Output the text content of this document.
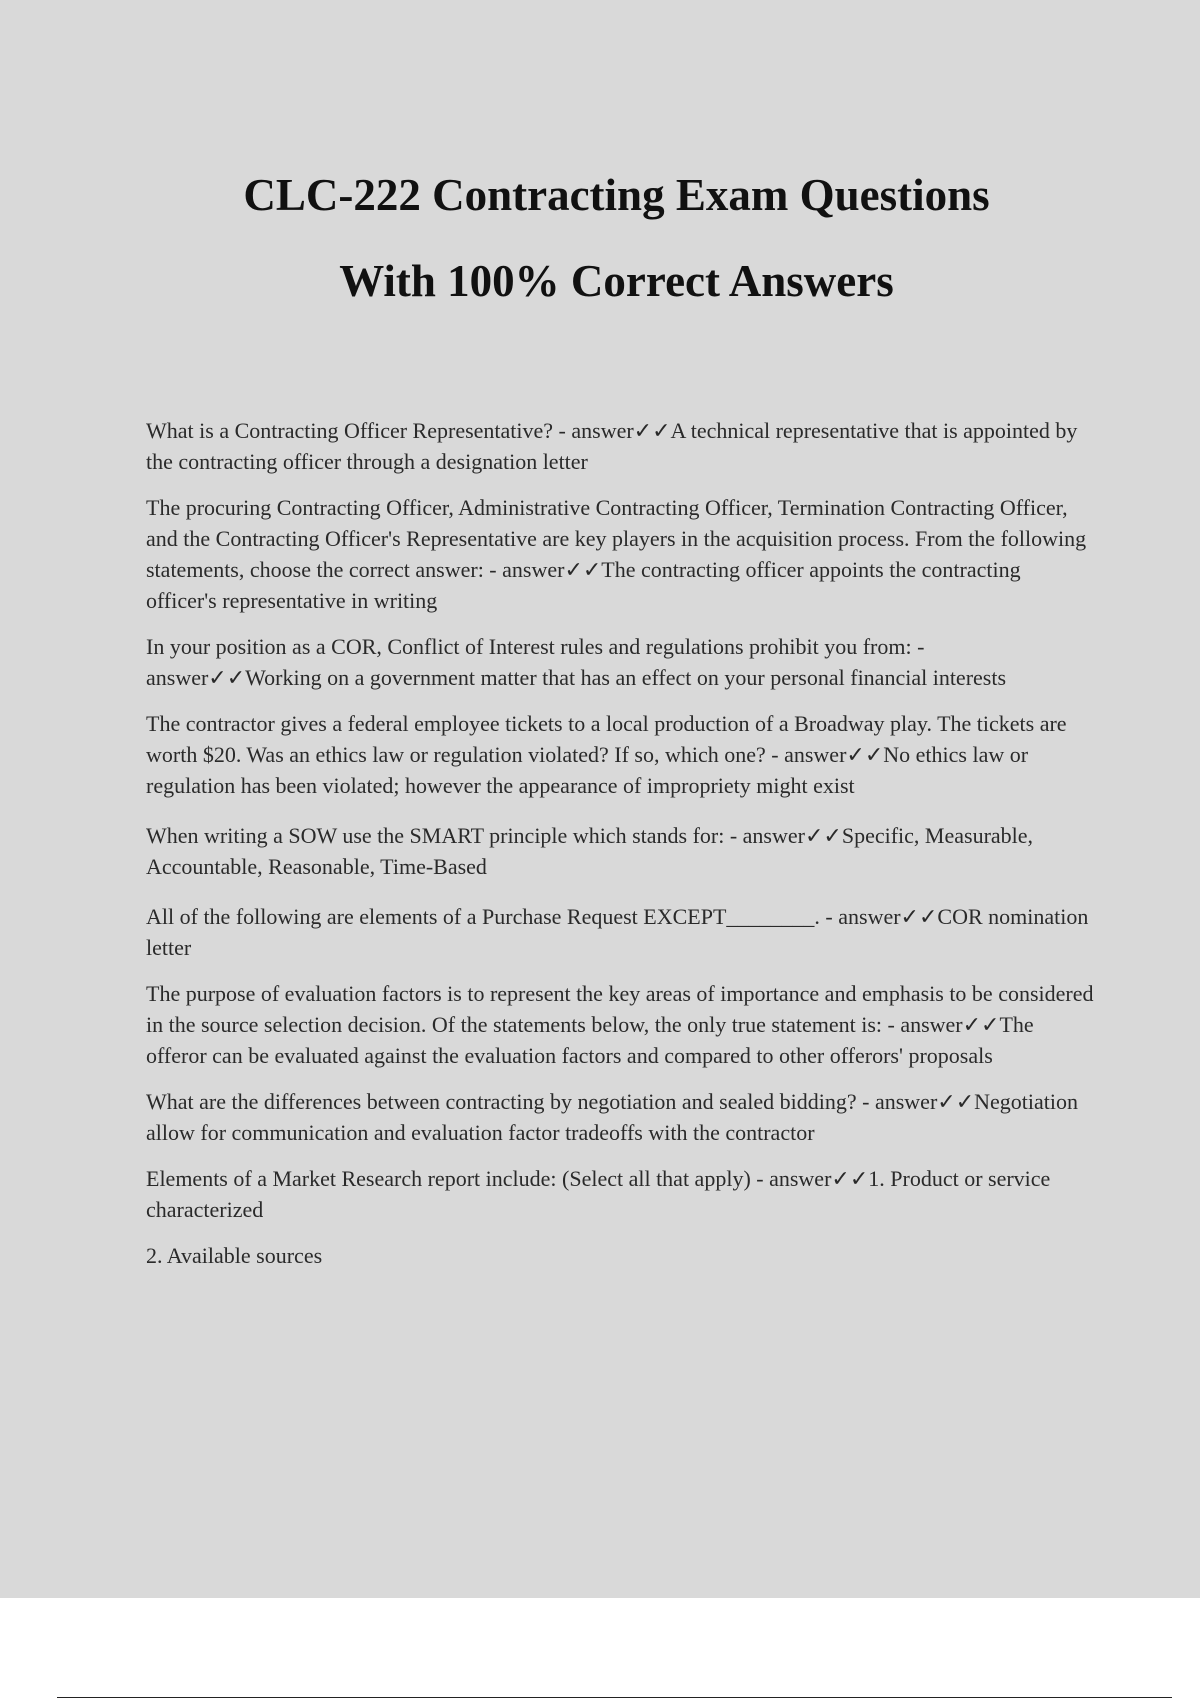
CLC-222 Contracting Exam Questions
With 100% Correct Answers

What is a Contracting Officer Representative? - answer✓✓A technical representative that is appointed by the contracting officer through a designation letter

The procuring Contracting Officer, Administrative Contracting Officer, Termination Contracting Officer, and the Contracting Officer's Representative are key players in the acquisition process. From the following statements, choose the correct answer: - answer✓✓The contracting officer appoints the contracting officer's representative in writing

In your position as a COR, Conflict of Interest rules and regulations prohibit you from: - answer✓✓Working on a government matter that has an effect on your personal financial interests

The contractor gives a federal employee tickets to a local production of a Broadway play. The tickets are worth $20. Was an ethics law or regulation violated? If so, which one? - answer✓✓No ethics law or regulation has been violated; however the appearance of impropriety might exist

When writing a SOW use the SMART principle which stands for: - answer✓✓Specific, Measurable, Accountable, Reasonable, Time-Based

All of the following are elements of a Purchase Request EXCEPT________. - answer✓✓COR nomination letter

The purpose of evaluation factors is to represent the key areas of importance and emphasis to be considered in the source selection decision. Of the statements below, the only true statement is: - answer✓✓The offeror can be evaluated against the evaluation factors and compared to other offerors' proposals

What are the differences between contracting by negotiation and sealed bidding? - answer✓✓Negotiation allow for communication and evaluation factor tradeoffs with the contractor

Elements of a Market Research report include: (Select all that apply) - answer✓✓1. Product or service characterized

2. Available sources
